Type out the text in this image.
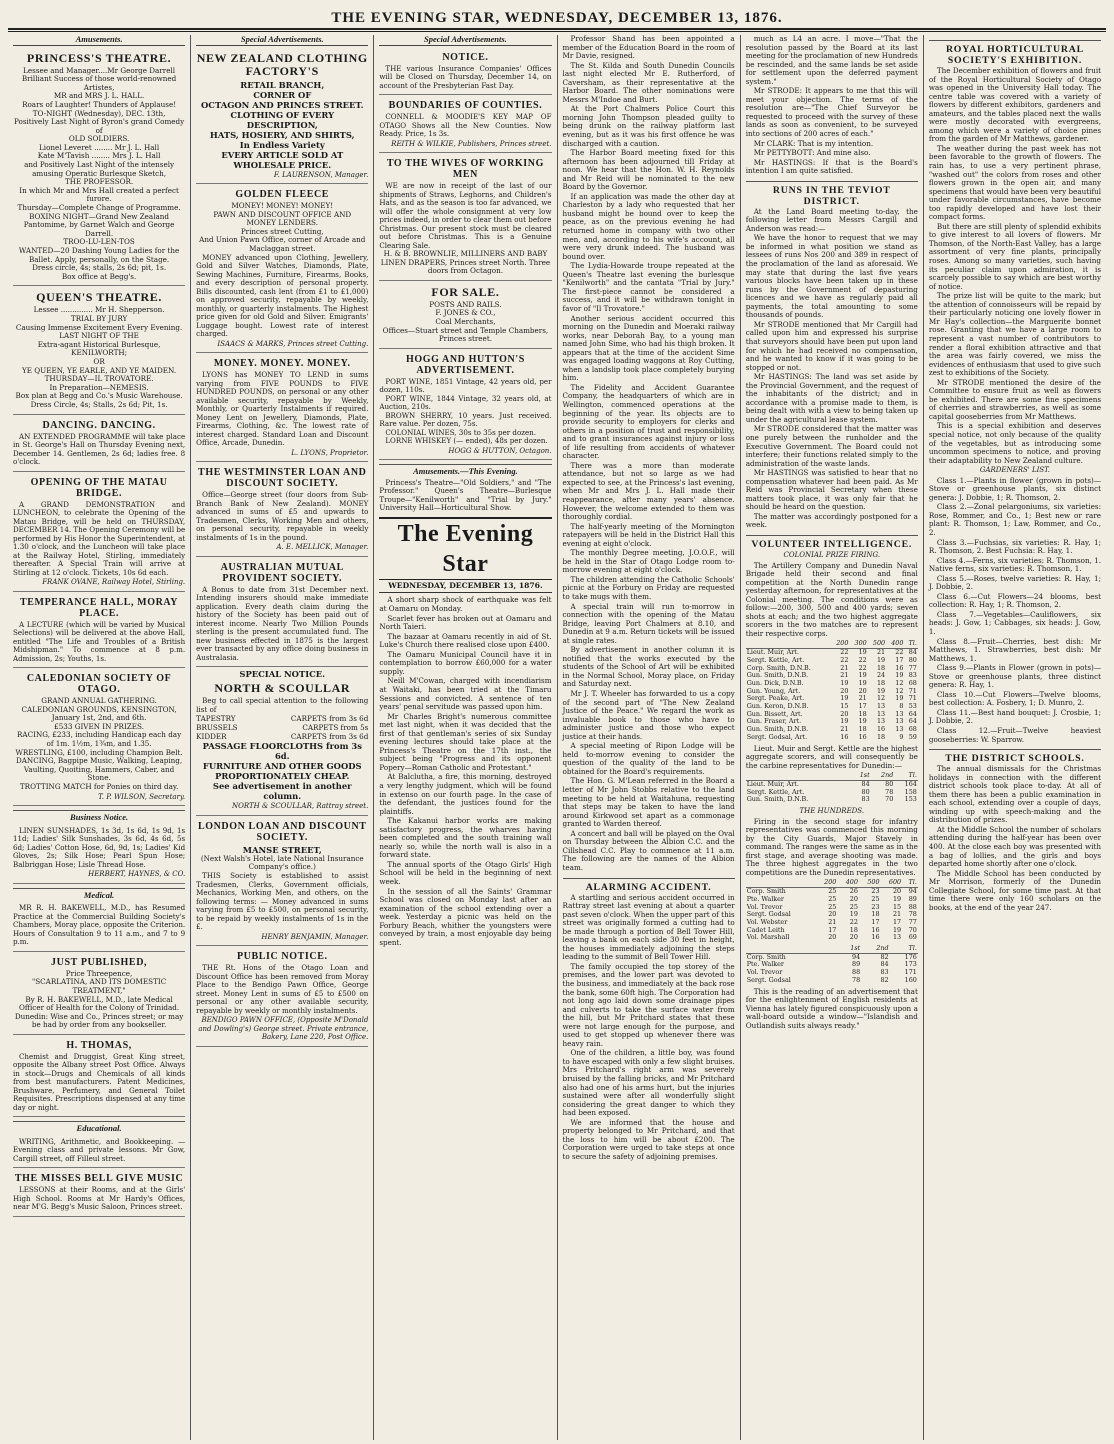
THE EVENING STAR, WEDNESDAY, DECEMBER 13, 1876.
Amusements.
PRINCESS'S THEATRE.
Lessee and Manager....Mr George Darrell
Brilliant Success of those world-renowned Artistes,
MR and MRS J. L. HALL.
Roars of Laughter! Thunders of Applause!
TO-NIGHT (Wednesday), DEC. 13th,
Positively Last Night of Byron's grand Comedy of
OLD SOLDIERS.
Lionel Leveret ........ Mr J. L. Hall
Kate M'Tavish ........ Mrs J. L. Hall
and Positively Last Night of the intensely amusing Operatic Burlesque Sketch,
THE PROFESSOR.
In which Mr and Mrs Hall created a perfect furore.
Thursday—Complete Change of Programme.
BOXING NIGHT—Grand New Zealand Pantomime, by Garnet Walch and George Darrell.
TROO-LU-LEN-TOS
WANTED—20 Dashing Young Ladies for the Ballet. Apply, personally, on the Stage.
Dress circle, 4s; stalls, 2s 6d; pit, 1s.
Box office at Begg's.
QUEEN'S THEATRE.
Lessee .............. Mr H. Shepperson.
TRIAL BY JURY
Causing Immense Excitement Every Evening.
LAST NIGHT OF THE
Extra-agant Historical Burlesque,
KENILWORTH;
OR
YE QUEEN, YE EARLE, AND YE MAIDEN.
THURSDAY—IL TROVATORE.
In Preparation—NEMESIS.
Box plan at Begg and Co.'s Music Warehouse.
Dress Circle, 4s; Stalls, 2s 6d; Pit, 1s.
DANCING. DANCING.
AN EXTENDED PROGRAMME will take place in St. George's Hall on Thursday Evening next, December 14. Gentlemen, 2s 6d; ladies free. 8 o'clock.
OPENING OF THE MATAU BRIDGE.
A GRAND DEMONSTRATION and LUNCHEON, to celebrate the Opening of the Matau Bridge, will be held on THURSDAY, DECEMBER 14. The Opening Ceremony will be performed by His Honor the Superintendent, at 1.30 o'clock, and the Luncheon will take place at the Railway Hotel, Stirling, immediately thereafter. A Special Train will arrive at Stirling at 12 o'clock. Tickets, 10s 6d each.
FRANK OVANE, Railway Hotel, Stirling.
TEMPERANCE HALL, MORAY PLACE.
A LECTURE (which will be varied by Musical Selections) will be delivered at the above Hall, entitled "The Life and Troubles of a British Midshipman." To commence at 8 p.m. Admission, 2s; Youths, 1s.
CALEDONIAN SOCIETY OF OTAGO.
GRAND ANNUAL GATHERING.
CALEDONIAN GROUNDS, KENSINGTON,
January 1st, 2nd, and 6th.
£533 GIVEN IN PRIZES.
RACING, £233, including Handicap each day of 1m. 1½m, 1¾m, and 1.35.
WRESTLING, £100, including Champion Belt.
DANCING, Bagpipe Music, Walking, Leaping, Vaulting, Quoiting, Hammers, Caber, and Stone.
TROTTING MATCH for Ponies on third day.
T. P. WILSON, Secretary.
Business Notice.
LINEN SUNSHADES, 1s 3d, 1s 6d, 1s 9d, 1s 11d; Ladies' Silk Sunshades, 3s 6d, 4s 6d, 5s 6d; Ladies' Cotton Hose, 6d, 9d, 1s; Ladies' Kid Gloves, 2s; Silk Hose; Pearl Spun Hose; Balbriggan Hose; Lisle Thread Hose.
HERBERT, HAYNES, & CO.
Medical.
MR R. H. BAKEWELL, M.D., has Resumed Practice at the Commercial Building Society's Chambers, Moray place, opposite the Criterion. Hours of Consultation 9 to 11 a.m., and 7 to 9 p.m.
JUST PUBLISHED,
Price Threepence,
"SCARLATINA, AND ITS DOMESTIC TREATMENT,"
By R. H. BAKEWELL, M.D., late Medical Officer of Health for the Colony of Trinidad.
Dunedin: Wise and Co., Princes street; or may be had by order from any bookseller.
H. THOMAS,
Chemist and Druggist, Great King street, opposite the Albany street Post Office. Always in stock—Drugs and Chemicals of all kinds from best manufacturers. Patent Medicines, Brushware, Perfumery, and General Toilet Requisites. Prescriptions dispensed at any time day or night.
Educational.
WRITING, Arithmetic, and Bookkeeping. —Evening class and private lessons. Mr Gow, Cargill street, off Filleul street.
THE MISSES BELL GIVE MUSIC
LESSONS at their Rooms, and at the Girls' High School. Rooms at Mr Hardy's Offices, near M'G. Begg's Music Saloon, Princes street.
Special Advertisements.
NEW ZEALAND CLOTHING FACTORY'S
RETAIL BRANCH,
CORNER OF
OCTAGON AND PRINCES STREET.
CLOTHING OF EVERY DESCRIPTION,
HATS, HOSIERY, AND SHIRTS,
In Endless Variety
EVERY ARTICLE SOLD AT
WHOLESALE PRICE.
F. LAURENSON, Manager.
GOLDEN FLEECE
MONEY! MONEY! MONEY!
PAWN AND DISCOUNT OFFICE AND
MONEY LENDERS.
Princes street Cutting,
And Union Pawn Office, corner of Arcade and Maclaggan street.
MONEY advanced upon Clothing, Jewellery, Gold and Silver Watches, Diamonds, Plate, Sewing Machines, Furniture, Firearms, Books, and every description of personal property. Bills discounted, cash lent (from £1 to £1,000) on approved security, repayable by weekly, monthly, or quarterly instalments. The Highest price given for old Gold and Silver. Emigrants' Luggage bought. Lowest rate of interest charged.
ISAACS & MARKS, Princes street Cutting.
MONEY. MONEY. MONEY.
LYONS has MONEY TO LEND in sums varying from FIVE POUNDS to FIVE HUNDRED POUNDS, on personal or any other available security, repayable by Weekly, Monthly, or Quarterly Instalments if required. Money Lent on Jewellery, Diamonds, Plate, Firearms, Clothing, &c. The lowest rate of interest charged. Standard Loan and Discount Office, Arcade, Dunedin.
L. LYONS, Proprietor.
THE WESTMINSTER LOAN AND DISCOUNT SOCIETY.
Office—George street (four doors from Sub-Branch Bank of New Zealand). MONEY advanced in sums of £5 and upwards to Tradesmen, Clerks, Working Men and others, on personal security, repayable in weekly instalments of 1s in the pound.
A. E. MELLICK, Manager.
AUSTRALIAN MUTUAL PROVIDENT SOCIETY.
A Bonus to date from 31st December next. Intending insurers should make immediate application. Every death claim during the history of the Society has been paid out of interest income. Nearly Two Million Pounds sterling is the present accumulated fund. The new business effected in 1875 is the largest ever transacted by any office doing business in Australasia.
SPECIAL NOTICE.
NORTH & SCOULLAR
Beg to call special attention to the following list of
TAPESTRY	CARPETS from 3s 6d
BRUSSELS	CARPETS from 5s
KIDDER	CARPETS from 3s 6d
PASSAGE FLOORCLOTHS from 3s 6d.
FURNITURE AND OTHER GOODS PROPORTIONATELY CHEAP.
See advertisement in another column.
NORTH & SCOULLAR, Rattray street.
LONDON LOAN AND DISCOUNT SOCIETY.
MANSE STREET,
(Next Walsh's Hotel, late National Insurance Company's office.)
THIS Society is established to assist Tradesmen, Clerks, Government officials, Mechanics, Working Men, and others, on the following terms: — Money advanced in sums varying from £5 to £500, on personal security, to be repaid by weekly instalments of 1s in the £.
HENRY BENJAMIN, Manager.
PUBLIC NOTICE.
THE Rt. Hons of the Otago Loan and Discount Office has been removed from Moray Place to the Bendigo Pawn Office, George street. Money Lent in sums of £5 to £500 on personal or any other available security, repayable by weekly or monthly instalments.
BENDIGO PAWN OFFICE, (Opposite M'Donald and Dowling's) George street. Private entrance, Bakery, Lane 220, Post Office.
Special Advertisements.
NOTICE.
THE various Insurance Companies' Offices will be Closed on Thursday, December 14, on account of the Presbyterian Fast Day.
BOUNDARIES OF COUNTIES.
CONNELL & MOODIE'S KEY MAP OF OTAGO Shows all the New Counties. Now Ready. Price, 1s 3s.
REITH & WILKIE, Publishers, Princes street.
TO THE WIVES OF WORKING MEN
WE are now in receipt of the last of our shipments of Straws, Leghorns, and Children's Hats, and as the season is too far advanced, we will offer the whole consignment at very low prices indeed, in order to clear them out before Christmas. Our present stock must be cleared out before Christmas. This is a Genuine Clearing Sale.
H. & B. BROWNLIE, MILLINERS AND BABY LINEN DRAPERS, Princes street North. Three doors from Octagon.
FOR SALE.
POSTS AND RAILS.
F. JONES & CO.,
Coal Merchants,
Offices—Stuart street and Temple Chambers, Princes street.
HOGG AND HUTTON'S ADVERTISEMENT.
PORT WINE, 1851 Vintage, 42 years old, per dozen, 110s.
PORT WINE, 1844 Vintage, 32 years old, at Auction, 210s.
BROWN SHERRY, 10 years. Just received. Rare value. Per dozen, 75s.
COLONIAL WINES, 30s to 35s per dozen.
LORNE WHISKEY (— ended), 48s per dozen.
HOGG & HUTTON, Octagon.
Amusements.—This Evening.
Princess's Theatre—"Old Soldiers," and "The Professor." Queen's Theatre—Burlesque Troupe—"Kenilworth" and "Trial by Jury." University Hall—Horticultural Show.
The Evening Star
WEDNESDAY, DECEMBER 13, 1876.
A short sharp shock of earthquake was felt at Oamaru on Monday.
Scarlet fever has broken out at Oamaru and North Taieri.
The bazaar at Oamaru recently in aid of St. Luke's Church there realised close upon £400.
The Oamaru Municipal Council have it in contemplation to borrow £60,000 for a water supply.
Neill M'Cowan, charged with incendiarism at Waitaki, has been tried at the Timaru Sessions and convicted. A sentence of ten years' penal servitude was passed upon him.
Mr Charles Bright's numerous committee met last night, when it was decided that the first of that gentleman's series of six Sunday evening lectures should take place at the Princess's Theatre on the 17th inst., the subject being "Progress and its opponent Popery—Roman Catholic and Protestant."
At Balclutha, a fire, this morning, destroyed a very lengthy judgment, which will be found in extenso on our fourth page. In the case of the defendant, the justices found for the plaintiffs.
The Kakanui harbor works are making satisfactory progress, the wharves having been completed and the south training wall nearly so, while the north wall is also in a forward state.
The annual sports of the Otago Girls' High School will be held in the beginning of next week.
In the session of all the Saints' Grammar School was closed on Monday last after an examination of the school extending over a week. Yesterday a picnic was held on the Forbury Beach, whither the youngsters were conveyed by train, a most enjoyable day being spent.
Professor Shand has been appointed a member of the Education Board in the room of Mr Davie, resigned.
The St. Kilda and South Dunedin Councils last night elected Mr E. Rutherford, of Caversham, as their representative at the Harbor Board. The other nominations were Messrs M'Indoe and Burt.
At the Port Chalmers Police Court this morning John Thompson pleaded guilty to being drunk on the railway platform last evening, but as it was his first offence he was discharged with a caution.
The Harbor Board meeting fixed for this afternoon has been adjourned till Friday at noon. We hear that the Hon. W. H. Reynolds and Mr Reid will be nominated to the new Board by the Governor.
If an application was made the other day at Charleston by a lady who requested that her husband might be bound over to keep the peace, as on the previous evening he had returned home in company with two other men, and, according to his wife's account, all were very drunk indeed. The husband was bound over.
The Lydia-Howarde troupe repeated at the Queen's Theatre last evening the burlesque "Kenilworth" and the cantata "Trial by Jury." The first-piece cannot be considered a success, and it will be withdrawn tonight in favor of "Il Trovatore."
Another serious accident occurred this morning on the Dunedin and Moeraki railway works, near Deborah Bay, to a young man named John Sime, who had his thigh broken. It appears that at the time of the accident Sime was engaged loading waggons at Roy Cutting, when a landslip took place completely burying him.
The Fidelity and Accident Guarantee Company, the headquarters of which are in Wellington, commenced operations at the beginning of the year. Its objects are to provide security to employers for clerks and others in a position of trust and responsibility, and to grant insurances against injury or loss of life resulting from accidents of whatever character.
There was a more than moderate attendance, but not so large as we had expected to see, at the Princess's last evening, when Mr and Mrs J. L. Hall made their reappearance, after many years' absence. However, the welcome extended to them was thoroughly cordial.
The half-yearly meeting of the Mornington ratepayers will be held in the District Hall this evening at eight o'clock.
The monthly Degree meeting, J.O.O.F., will be held in the Star of Otago Lodge room to-morrow evening at eight o'clock.
The children attending the Catholic Schools' picnic at the Forbury on Friday are requested to take mugs with them.
A special train will run to-morrow in connection with the opening of the Matau Bridge, leaving Port Chalmers at 8.10, and Dunedin at 9 a.m. Return tickets will be issued at single rates.
By advertisement in another column it is notified that the works executed by the students of the School of Art will be exhibited in the Normal School, Moray place, on Friday and Saturday next.
Mr J. T. Wheeler has forwarded to us a copy of the second part of "The New Zealand Justice of the Peace." We regard the work as invaluable book to those who have to administer justice and those who expect justice at their hands.
A special meeting of Ripon Lodge will be held to-morrow evening to consider the question of the quality of the land to be obtained for the Board's requirements.
The Hon. G. M'Lean referred in the Board a letter of Mr John Stobbs relative to the land meeting to be held at Waitahuna, requesting that steps may be taken to have the land around Kirkwood set apart as a commonage granted to Warden thereof.
A concert and ball will be played on the Oval on Thursday between the Albion C.C. and the Cillshead C.C. Play to commence at 11 a.m. The following are the names of the Albion team.
ALARMING ACCIDENT.
A startling and serious accident occurred in Rattray street last evening at about a quarter past seven o'clock. When the upper part of this street was originally formed a cutting had to be made through a portion of Bell Tower Hill, leaving a bank on each side 30 feet in height, the houses immediately adjoining the steps leading to the summit of Bell Tower Hill.
The family occupied the top storey of the premises, and the lower part was devoted to the business, and immediately at the back rose the bank, some 60ft high. The Corporation had not long ago laid down some drainage pipes and culverts to take the surface water from the hill, but Mr Pritchard states that these were not large enough for the purpose, and used to get stopped up whenever there was heavy rain.
One of the children, a little boy, was found to have escaped with only a few slight bruises. Mrs Pritchard's right arm was severely bruised by the falling bricks, and Mr Pritchard also had one of his arms hurt, but the injuries sustained were after all wonderfully slight considering the great danger to which they had been exposed.
We are informed that the house and property belonged to Mr Pritchard, and that the loss to him will be about £200. The Corporation were urged to take steps at once to secure the safety of adjoining premises.
much as L4 an acre. I move—"That the resolution passed by the Board at its last meeting for the proclamation of new Hundreds be rescinded, and the same lands be set aside for settlement upon the deferred payment system."
Mr STRODE: It appears to me that this will meet your objection. The terms of the resolution are—"The Chief Surveyor be requested to proceed with the survey of these lands as soon as convenient, to be surveyed into sections of 200 acres of each."
Mr CLARK: That is my intention.
Mr PETTYBOTT: And mine also.
Mr HASTINGS: If that is the Board's intention I am quite satisfied.
RUNS IN THE TEVIOT DISTRICT.
At the Land Board meeting to-day, the following letter from Messrs Cargill and Anderson was read:—
We have the honor to request that we may be informed in what position we stand as lessees of runs Nos 200 and 389 in respect of the proclamation of the land as aforesaid. We may state that during the last five years various blocks have been taken up in these runs by the Government of depasturing licences and we have as regularly paid all payments, the total amounting to some thousands of pounds.
Mr STRODE mentioned that Mr Cargill had called upon him and expressed his surprise that surveyors should have been put upon land for which he had received no compensation, and he wanted to know if it was going to be stopped or not.
Mr HASTINGS: The land was set aside by the Provincial Government, and the request of the inhabitants of the district; and in accordance with a promise made to them, is being dealt with with a view to being taken up under the agricultural lease system.
Mr STRODE considered that the matter was one purely between the runholder and the Executive Government. The Board could not interfere; their functions related simply to the administration of the waste lands.
Mr HASTINGS was satisfied to hear that no compensation whatever had been paid. As Mr Reid was Provincial Secretary when these matters took place, it was only fair that he should be heard on the question.
The matter was accordingly postponed for a week.
VOLUNTEER INTELLIGENCE.
COLONIAL PRIZE FIRING.
The Artillery Company and Dunedin Naval Brigade held their second and final competition at the North Dunedin range yesterday afternoon, for representatives at the Colonial meeting. The conditions were as follow:—200, 300, 500 and 400 yards; seven shots at each; and the two highest aggregate scorers in the two matches are to represent their respective corps.
	200	300	500	400	Tl.
Lieut. Muir, Art.	22	19	21	22	84
Sergt. Kettle, Art.	22	22	19	17	80
Corp. Smith, D.N.B.	21	22	18	16	77
Gun. Smith, D.N.B.	21	19	24	19	83
Gun. Dick, D.N.B.	19	19	18	12	68
Gun. Young, Art.	20	20	19	12	71
Sergt. Peake, Art.	19	21	12	19	71
Gun. Keron, D.N.B.	15	17	13	8	53
Gun. Bissett, Art.	20	18	13	13	64
Gun. Fraser, Art.	19	19	13	13	64
Gun. Smith, D.N.B.	21	18	16	13	68
Sergt. Godsal, Art.	16	16	18	9	59
Lieut. Muir and Sergt. Kettle are the highest aggregate scorers, and will consequently be the carbine representatives for Dunedin:—
	1st	2nd	Tl.
Lieut. Muir, Art.	84	80	164
Sergt. Kettle, Art.	80	78	158
Gun. Smith, D.N.B.	83	70	153
THE HUNDREDS.
Firing in the second stage for infantry representatives was commenced this morning by the City Guards, Major Stavely in command. The ranges were the same as in the first stage, and average shooting was made. The three highest aggregates in the two competitions are the Dunedin representatives.
	200	400	500	600	Tl.
Corp. Smith	25	26	23	20	94
Pte. Walker	25	20	25	19	89
Vol. Trevor	25	25	23	15	88
Sergt. Godsal	20	19	18	21	78
Vol. Webster	21	22	17	17	77
Cadet Leith	17	18	16	19	70
Vol. Marshall	20	20	16	13	69
	1st	2nd	Tl.
Corp. Smith	94	82	176
Pte. Walker	89	84	173
Vol. Trevor	88	83	171
Sergt. Godsal	78	82	160
This is the reading of an advertisement that for the enlightenment of English residents at Vienna has lately figured conspicuously upon a wall-board outside a window—"Islandish and Outlandish suits always ready."
ROYAL HORTICULTURAL SOCIETY'S EXHIBITION.
The December exhibition of flowers and fruit of the Royal Horticultural Society of Otago was opened in the University Hall today. The centre table was covered with a variety of flowers by different exhibitors, gardeners and amateurs, and the tables placed next the walls were mostly decorated with evergreens, among which were a variety of choice pines from the garden of Mr Matthews, gardener.
The weather during the past week has not been favorable to the growth of flowers. The rain has, to use a very pertinent phrase, "washed out" the colors from roses and other flowers grown in the open air, and many specimens that would have been very beautiful under favorable circumstances, have become too rapidly developed and have lost their compact forms.
But there are still plenty of splendid exhibits to give interest to all lovers of flowers. Mr Thomson, of the North-East Valley, has a large assortment of very fine plants, principally roses. Among so many varieties, such having its peculiar claim upon admiration, it is scarcely possible to say which are best worthy of notice.
The prize list will be quite to the mark; but the attention of connoisseurs will be repaid by their particularly noticing one lovely flower in Mr Hay's collection—the Marguerite bonnet rose. Granting that we have a large room to represent a vast number of contributors to render a floral exhibition attractive and that the area was fairly covered, we miss the evidences of enthusiasm that used to give such zest to exhibitions of the Society.
Mr STRODE mentioned the desire of the Committee to ensure fruit as well as flowers be exhibited. There are some fine specimens of cherries and strawberries, as well as some capital gooseberries from Mr Matthews.
This is a special exhibition and deserves special notice, not only because of the quality of the vegetables, but as introducing some uncommon specimens to notice, and proving their adaptability to New Zealand culture.
GARDENERS' LIST.
Class 1.—Plants in flower (grown in pots)—Stove or greenhouse plants, six distinct genera: J. Dobbie, 1; R. Thomson, 2.
Class 2.—Zonal pelargoniums, six varieties: Rose, Rommer, and Co., 1; Best new or rare plant: R. Thomson, 1; Law, Rommer, and Co., 2.
Class 3.—Fuchsias, six varieties: R. Hay, 1; R. Thomson, 2. Best Fuchsia: R. Hay, 1.
Class 4.—Ferns, six varieties: R. Thomson, 1. Native ferns, six varieties: R. Thomson, 1.
Class 5.—Roses, twelve varieties: R. Hay, 1; J. Dobbie, 2.
Class 6.—Cut Flowers—24 blooms, best collection: R. Hay, 1; R. Thomson, 2.
Class 7.—Vegetables—Cauliflowers, six heads: J. Gow, 1; Cabbages, six heads: J. Gow, 1.
Class 8.—Fruit—Cherries, best dish: Mr Matthews, 1. Strawberries, best dish: Mr Matthews, 1.
Class 9.—Plants in Flower (grown in pots)—Stove or greenhouse plants, three distinct genera: R. Hay, 1.
Class 10.—Cut Flowers—Twelve blooms, best collection: A. Fosbery, 1; D. Munro, 2.
Class 11.—Best hand bouquet: J. Crosbie, 1; J. Dobbie, 2.
Class 12.—Fruit—Twelve heaviest gooseberries: W. Sparrow.
THE DISTRICT SCHOOLS.
The annual dismissals for the Christmas holidays in connection with the different district schools took place to-day. At all of them there has been a public examination in each school, extending over a couple of days, winding up with speech-making and the distribution of prizes.
At the Middle School the number of scholars attending during the half-year has been over 400. At the close each boy was presented with a bag of lollies, and the girls and boys departed home shortly after one o'clock.
The Middle School has been conducted by Mr Morrison, formerly of the Dunedin Collegiate School, for some time past. At that time there were only 160 scholars on the books, at the end of the year 247.
